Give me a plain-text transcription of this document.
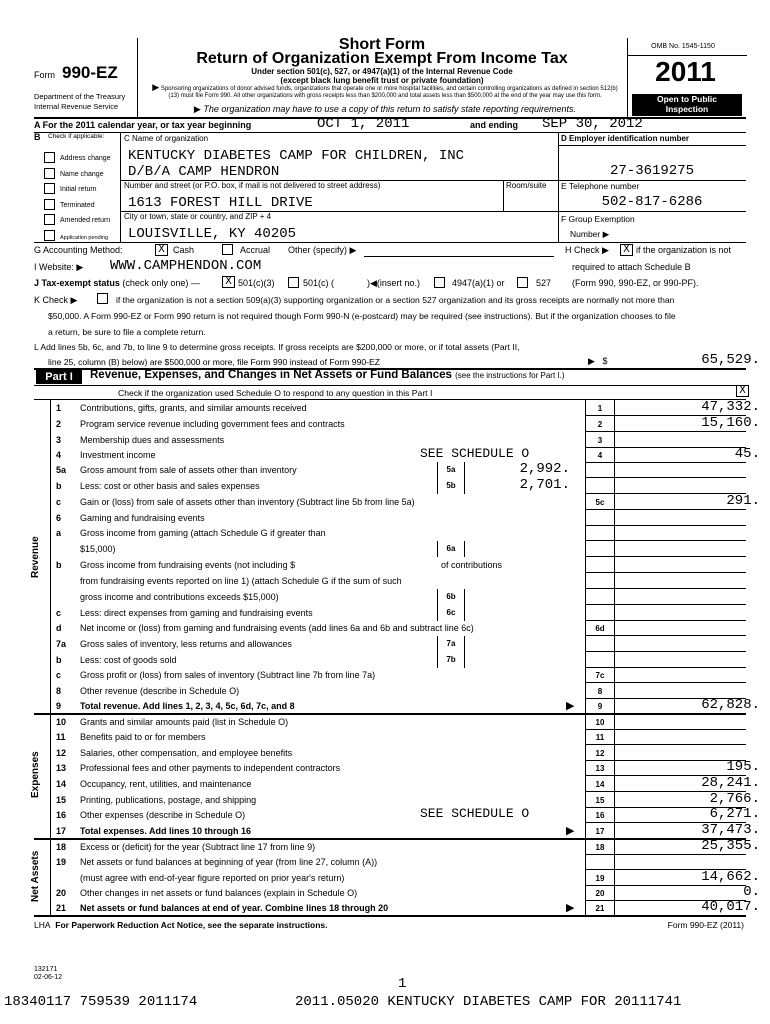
Form 990-EZ
Department of the Treasury
Internal Revenue Service
Short Form
Return of Organization Exempt From Income Tax
Under section 501(c), 527, or 4947(a)(1) of the Internal Revenue Code
(except black lung benefit trust or private foundation)
▶ Sponsoring organizations of donor advised funds, organizations that operate one or more hospital facilities, and certain controlling organizations as defined in section 512(b)(13) must file Form 990. All other organizations with gross receipts less than $200,000 and total assets less than $500,000 at the end of the year may use this form.
▶ The organization may have to use a copy of this return to satisfy state reporting requirements.
OMB No. 1545-1150
2011
Open to Public
Inspection
A For the 2011 calendar year, or tax year beginning	OCT 1, 2011	and ending SEP 30, 2012
B Check if applicable:
Address change
Name change
Initial return
Terminated
Amended return
Application pending
C Name of organization
KENTUCKY DIABETES CAMP FOR CHILDREN, INC
D/B/A CAMP HENDRON
Number and street (or P.O. box, if mail is not delivered to street address)	Room/suite
1613 FOREST HILL DRIVE
City or town, state or country, and ZIP + 4
LOUISVILLE, KY 40205
D Employer identification number
27-3619275
E Telephone number
502-817-6286
F Group Exemption
Number ▶
G Accounting Method:	X Cash	Accrual Other (specify) ▶	H Check ▶ X if the organization is not
required to attach Schedule B
(Form 990, 990-EZ, or 990-PF).
I Website: ▶ WWW.CAMPHENDON.COM
J Tax-exempt status (check only one) — X 501(c)(3)	501(c) (	)◀(insert no.)	4947(a)(1) or	527
K Check ▶	if the organization is not a section 509(a)(3) supporting organization or a section 527 organization and its gross receipts are normally not more than
$50,000. A Form 990-EZ or Form 990 return is not required though Form 990-N (e-postcard) may be required (see instructions). But if the organization chooses to file
a return, be sure to file a complete return.
L Add lines 5b, 6c, and 7b, to line 9 to determine gross receipts. If gross receipts are $200,000 or more, or if total assets (Part II,
line 25, column (B) below) are $500,000 or more, file Form 990 instead of Form 990-EZ	▶   $	65,529.
Part I	Revenue, Expenses, and Changes in Net Assets or Fund Balances (see the instructions for Part I.)
Check if the organization used Schedule O to respond to any question in this Part I	X
Revenue
Expenses
Net Assets
1 Contributions, gifts, grants, and similar amounts received	1	47,332.
2 Program service revenue including government fees and contracts	2	15,160.
3 Membership dues and assessments	3
4 Investment income	4	45.
SEE SCHEDULE O
5a Gross amount from sale of assets other than inventory	5a	2,992.
b Less: cost or other basis and sales expenses	5b	2,701.
c Gain or (loss) from sale of assets other than inventory (Subtract line 5b from line 5a)	5c	291.
6 Gaming and fundraising events
a Gross income from gaming (attach Schedule G if greater than
$15,000)	6a
b Gross income from fundraising events (not including $
from fundraising events reported on line 1) (attach Schedule G if the sum of such
gross income and contributions exceeds $15,000)	6b
c Less: direct expenses from gaming and fundraising events	6c
d Net income or (loss) from gaming and fundraising events (add lines 6a and 6b and subtract line 6c)	6d
7a Gross sales of inventory, less returns and allowances	7a
b Less: cost of goods sold	7b
c Gross profit or (loss) from sales of inventory (Subtract line 7b from line 7a)	7c
8 Other revenue (describe in Schedule O)	8
9 Total revenue. Add lines 1, 2, 3, 4, 5c, 6d, 7c, and 8	9	62,828.
▶
10 Grants and similar amounts paid (list in Schedule O)	10
11 Benefits paid to or for members	11
12 Salaries, other compensation, and employee benefits	12
13 Professional fees and other payments to independent contractors	13	195.
14 Occupancy, rent, utilities, and maintenance	14	28,241.
15 Printing, publications, postage, and shipping	15	2,766.
16 Other expenses (describe in Schedule O)	16	6,271.
SEE SCHEDULE O
17 Total expenses. Add lines 10 through 16	17	37,473.
▶
18 Excess or (deficit) for the year (Subtract line 17 from line 9)	18	25,355.
19 Net assets or fund balances at beginning of year (from line 27, column (A))
(must agree with end-of-year figure reported on prior year's return)	19	14,662.
20 Other changes in net assets or fund balances (explain in Schedule O)	20	0.
21 Net assets or fund balances at end of year. Combine lines 18 through 20	21	40,017.
▶
of contributions
LHA For Paperwork Reduction Act Notice, see the separate instructions.	Form 990-EZ (2011)
132171
02-06-12	1
18340117 759539 2011174	2011.05020 KENTUCKY DIABETES CAMP FOR 20111741
